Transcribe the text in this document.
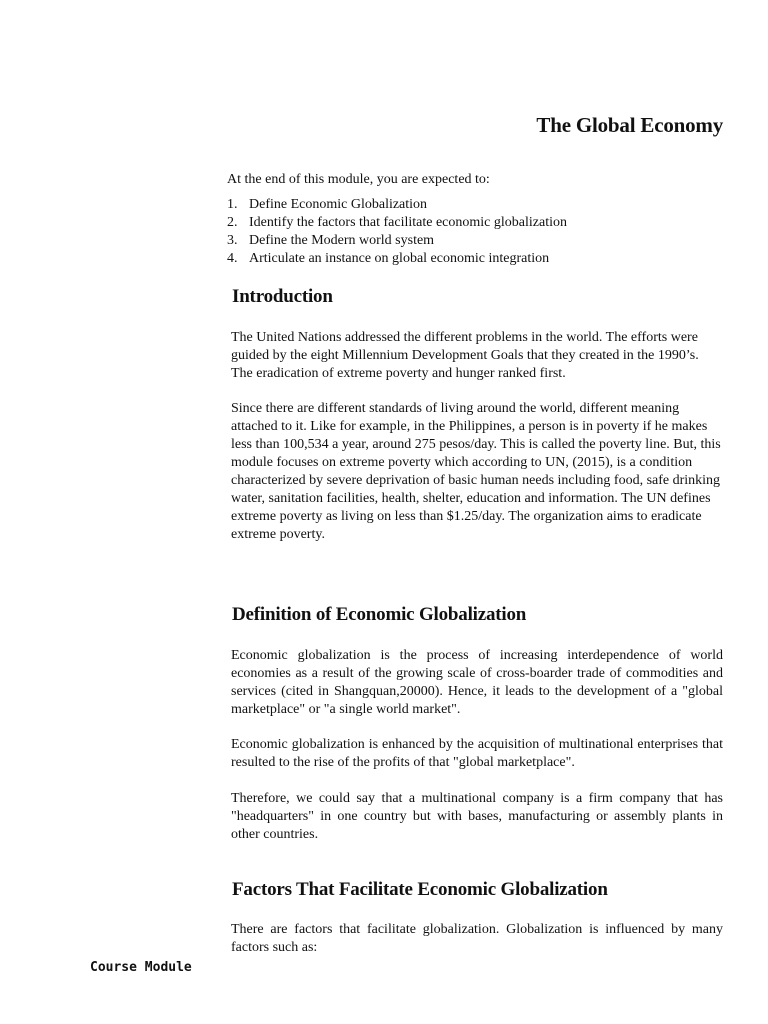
The Global Economy

At the end of this module, you are expected to:

1. Define Economic Globalization
2. Identify the factors that facilitate economic globalization
3. Define the Modern world system
4. Articulate an instance on global economic integration
Introduction

The United Nations addressed the different problems in the world. The efforts were guided by the eight Millennium Development Goals that they created in the 1990’s. The eradication of extreme poverty and hunger ranked first.

Since there are different standards of living around the world, different meaning attached to it. Like for example, in the Philippines, a person is in poverty if he makes less than 100,534 a year, around 275 pesos/day. This is called the poverty line. But, this module focuses on extreme poverty which according to UN, (2015), is a condition characterized by severe deprivation of basic human needs including food, safe drinking water, sanitation facilities, health, shelter, education and information. The UN defines extreme poverty as living on less than $1.25/day. The organization aims to eradicate extreme poverty.

Definition of Economic Globalization

Economic globalization is the process of increasing interdependence of world economies as a result of the growing scale of cross-boarder trade of commodities and services (cited in Shangquan,20000). Hence, it leads to the development of a "global marketplace" or "a single world market".

Economic globalization is enhanced by the acquisition of multinational enterprises that resulted to the rise of the profits of that "global marketplace".

Therefore, we could say that a multinational company is a firm company that has "headquarters" in one country but with bases, manufacturing or assembly plants in other countries.

Factors That Facilitate Economic Globalization

There are factors that facilitate globalization. Globalization is influenced by many factors such as:

Course Module
